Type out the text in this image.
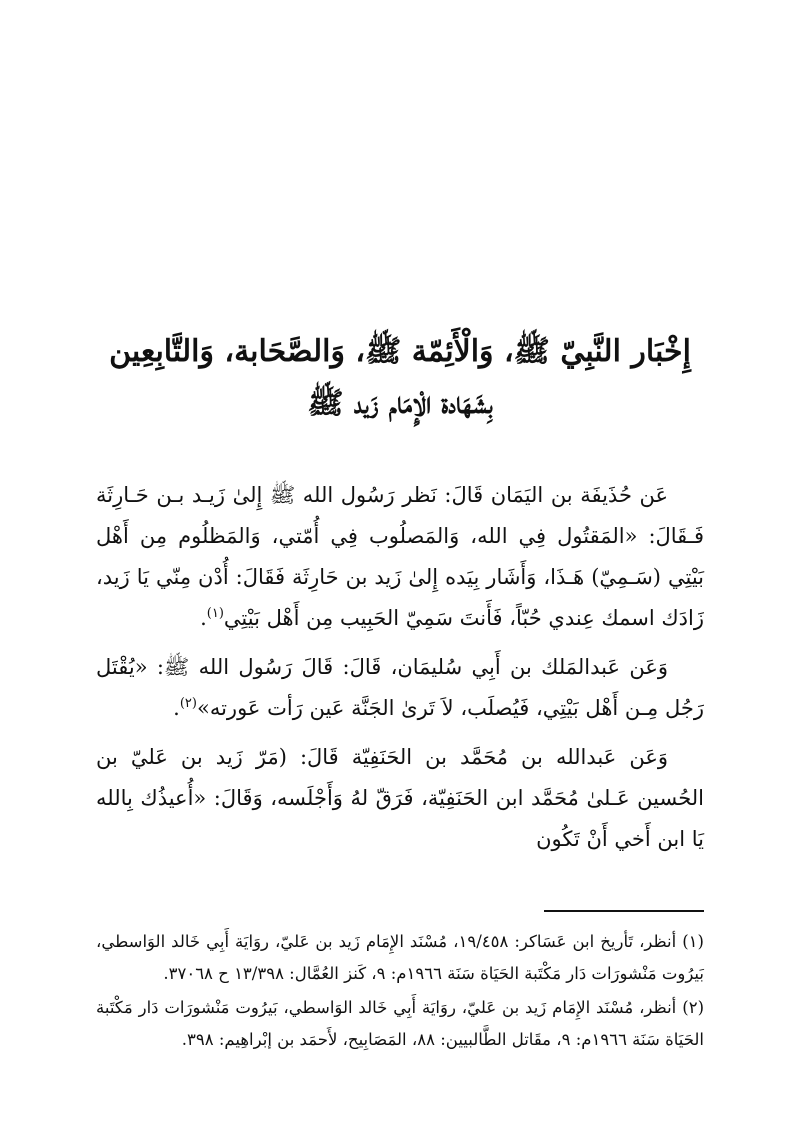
إِخْبَار النَّبِيّ ﷺ، وَالْأَئِمّة ﷺ، وَالصَّحَابة، وَالتَّابِعِين
بِشَهَادة الْإِمَام زَيد ﷺ

عَن حُذَيفَة بن اليَمَان قَالَ: نَظر رَسُول الله ﷺ إِلىٰ زَيـد بـن حَـارِثَة فَـقَالَ: «المَقتُول فِي الله، وَالمَصلُوب فِي أُمّتي، وَالمَظلُوم مِن أَهْل بَيْتِي (سَـمِيّ) هَـذَا، وَأَشَار بِيَده إِلىٰ زَيد بن حَارِثَة فَقَالَ: أُدْن مِنّي يَا زَيد، زَادَك اسمك عِندي حُبّاً، فَأَنتَ سَمِيّ الحَبِيب مِن أَهْل بَيْتِي$^{(١)}$.

وَعَن عَبدالمَلك بن أَبِي سُليمَان، قَالَ: قَالَ رَسُول الله ﷺ: «يُقْتَل رَجُل مِـن أَهْل بَيْتِي، فَيُصلَب، لاَ تَرىٰ الجَنَّة عَين رَأت عَورته»$^{(٢)}$.

وَعَن عَبدالله بن مُحَمَّد بن الحَنَفِيّة قَالَ: (مَرّ زَيد بن عَليّ بن الحُسين عَـلىٰ مُحَمَّد ابن الحَنَفِيّة، فَرَقّ لهُ وَأَجْلَسه، وَقَالَ: «أُعيذُك بِالله يَا ابن أَخي أَنْ تَكُون

(١)أنظر، تَأريخ ابن عَسَاكر: ١٩/٤٥٨، مُسْنَد الإِمَام زَيد بن عَليّ، روَايَة أَبِي خَالد الوَاسطي، بَيرُوت مَنْشورَات دَار مَكْتَبة الحَيَاة سَنَة ١٩٦٦م: ٩، كَنز العُمَّال: ١٣/٣٩٨ ح ٣٧٠٦٨.

(٢)أنظر، مُسْنَد الإِمَام زَيد بن عَليّ، روَايَة أَبِي خَالد الوَاسطي، بَيرُوت مَنْشورَات دَار مَكْتَبة الحَيَاة سَنَة ١٩٦٦م: ٩، مقَاتل الطَّالبيين: ٨٨، المَصَابِيح، لأَحمَد بن إبْراهِيم: ٣٩٨.
